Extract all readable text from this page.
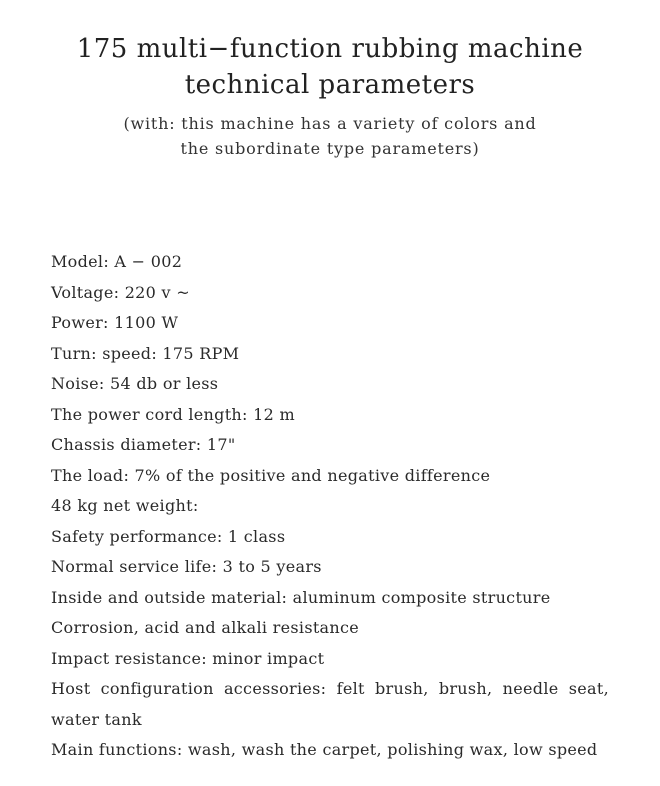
175 multi−function rubbing machine
technical parameters
(with: this machine has a variety of colors and
the subordinate type parameters)
Model: A − 002
Voltage: 220 v ~
Power: 1100 W
Turn: speed: 175 RPM
Noise: 54 db or less
The power cord length: 12 m
Chassis diameter: 17"
The load: 7% of the positive and negative difference
48 kg net weight:
Safety performance: 1 class
Normal service life: 3 to 5 years
Inside and outside material: aluminum composite structure
Corrosion, acid and alkali resistance
Impact resistance: minor impact
Host configuration accessories: felt brush, brush, needle seat,
water tank
Main functions: wash, wash the carpet, polishing wax, low speed
